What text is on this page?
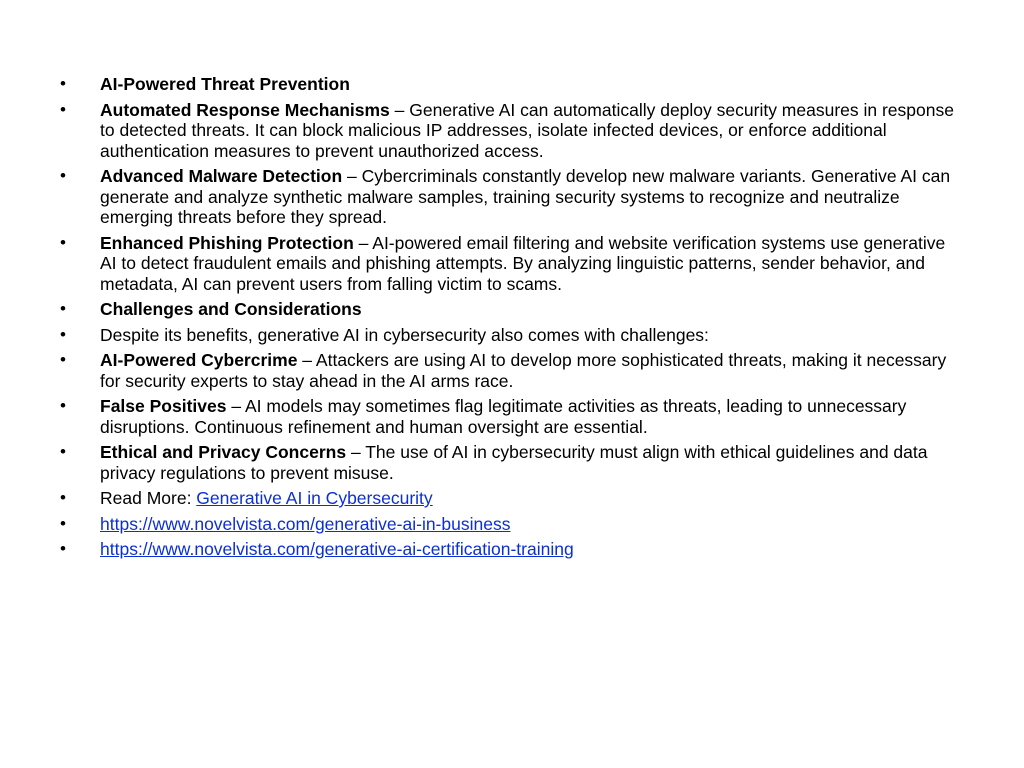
•	AI-Powered Threat Prevention
•	Automated Response Mechanisms – Generative AI can automatically deploy security measures in response to detected threats. It can block malicious IP addresses, isolate infected devices, or enforce additional authentication measures to prevent unauthorized access.
•	Advanced Malware Detection – Cybercriminals constantly develop new malware variants. Generative AI can generate and analyze synthetic malware samples, training security systems to recognize and neutralize emerging threats before they spread.
•	Enhanced Phishing Protection – AI-powered email filtering and website verification systems use generative AI to detect fraudulent emails and phishing attempts. By analyzing linguistic patterns, sender behavior, and metadata, AI can prevent users from falling victim to scams.
•	Challenges and Considerations
•	Despite its benefits, generative AI in cybersecurity also comes with challenges:
•	AI-Powered Cybercrime – Attackers are using AI to develop more sophisticated threats, making it necessary for security experts to stay ahead in the AI arms race.
•	False Positives – AI models may sometimes flag legitimate activities as threats, leading to unnecessary disruptions. Continuous refinement and human oversight are essential.
•	Ethical and Privacy Concerns – The use of AI in cybersecurity must align with ethical guidelines and data privacy regulations to prevent misuse.
•	Read More: Generative AI in Cybersecurity
•	https://www.novelvista.com/generative-ai-in-business
•	https://www.novelvista.com/generative-ai-certification-training
